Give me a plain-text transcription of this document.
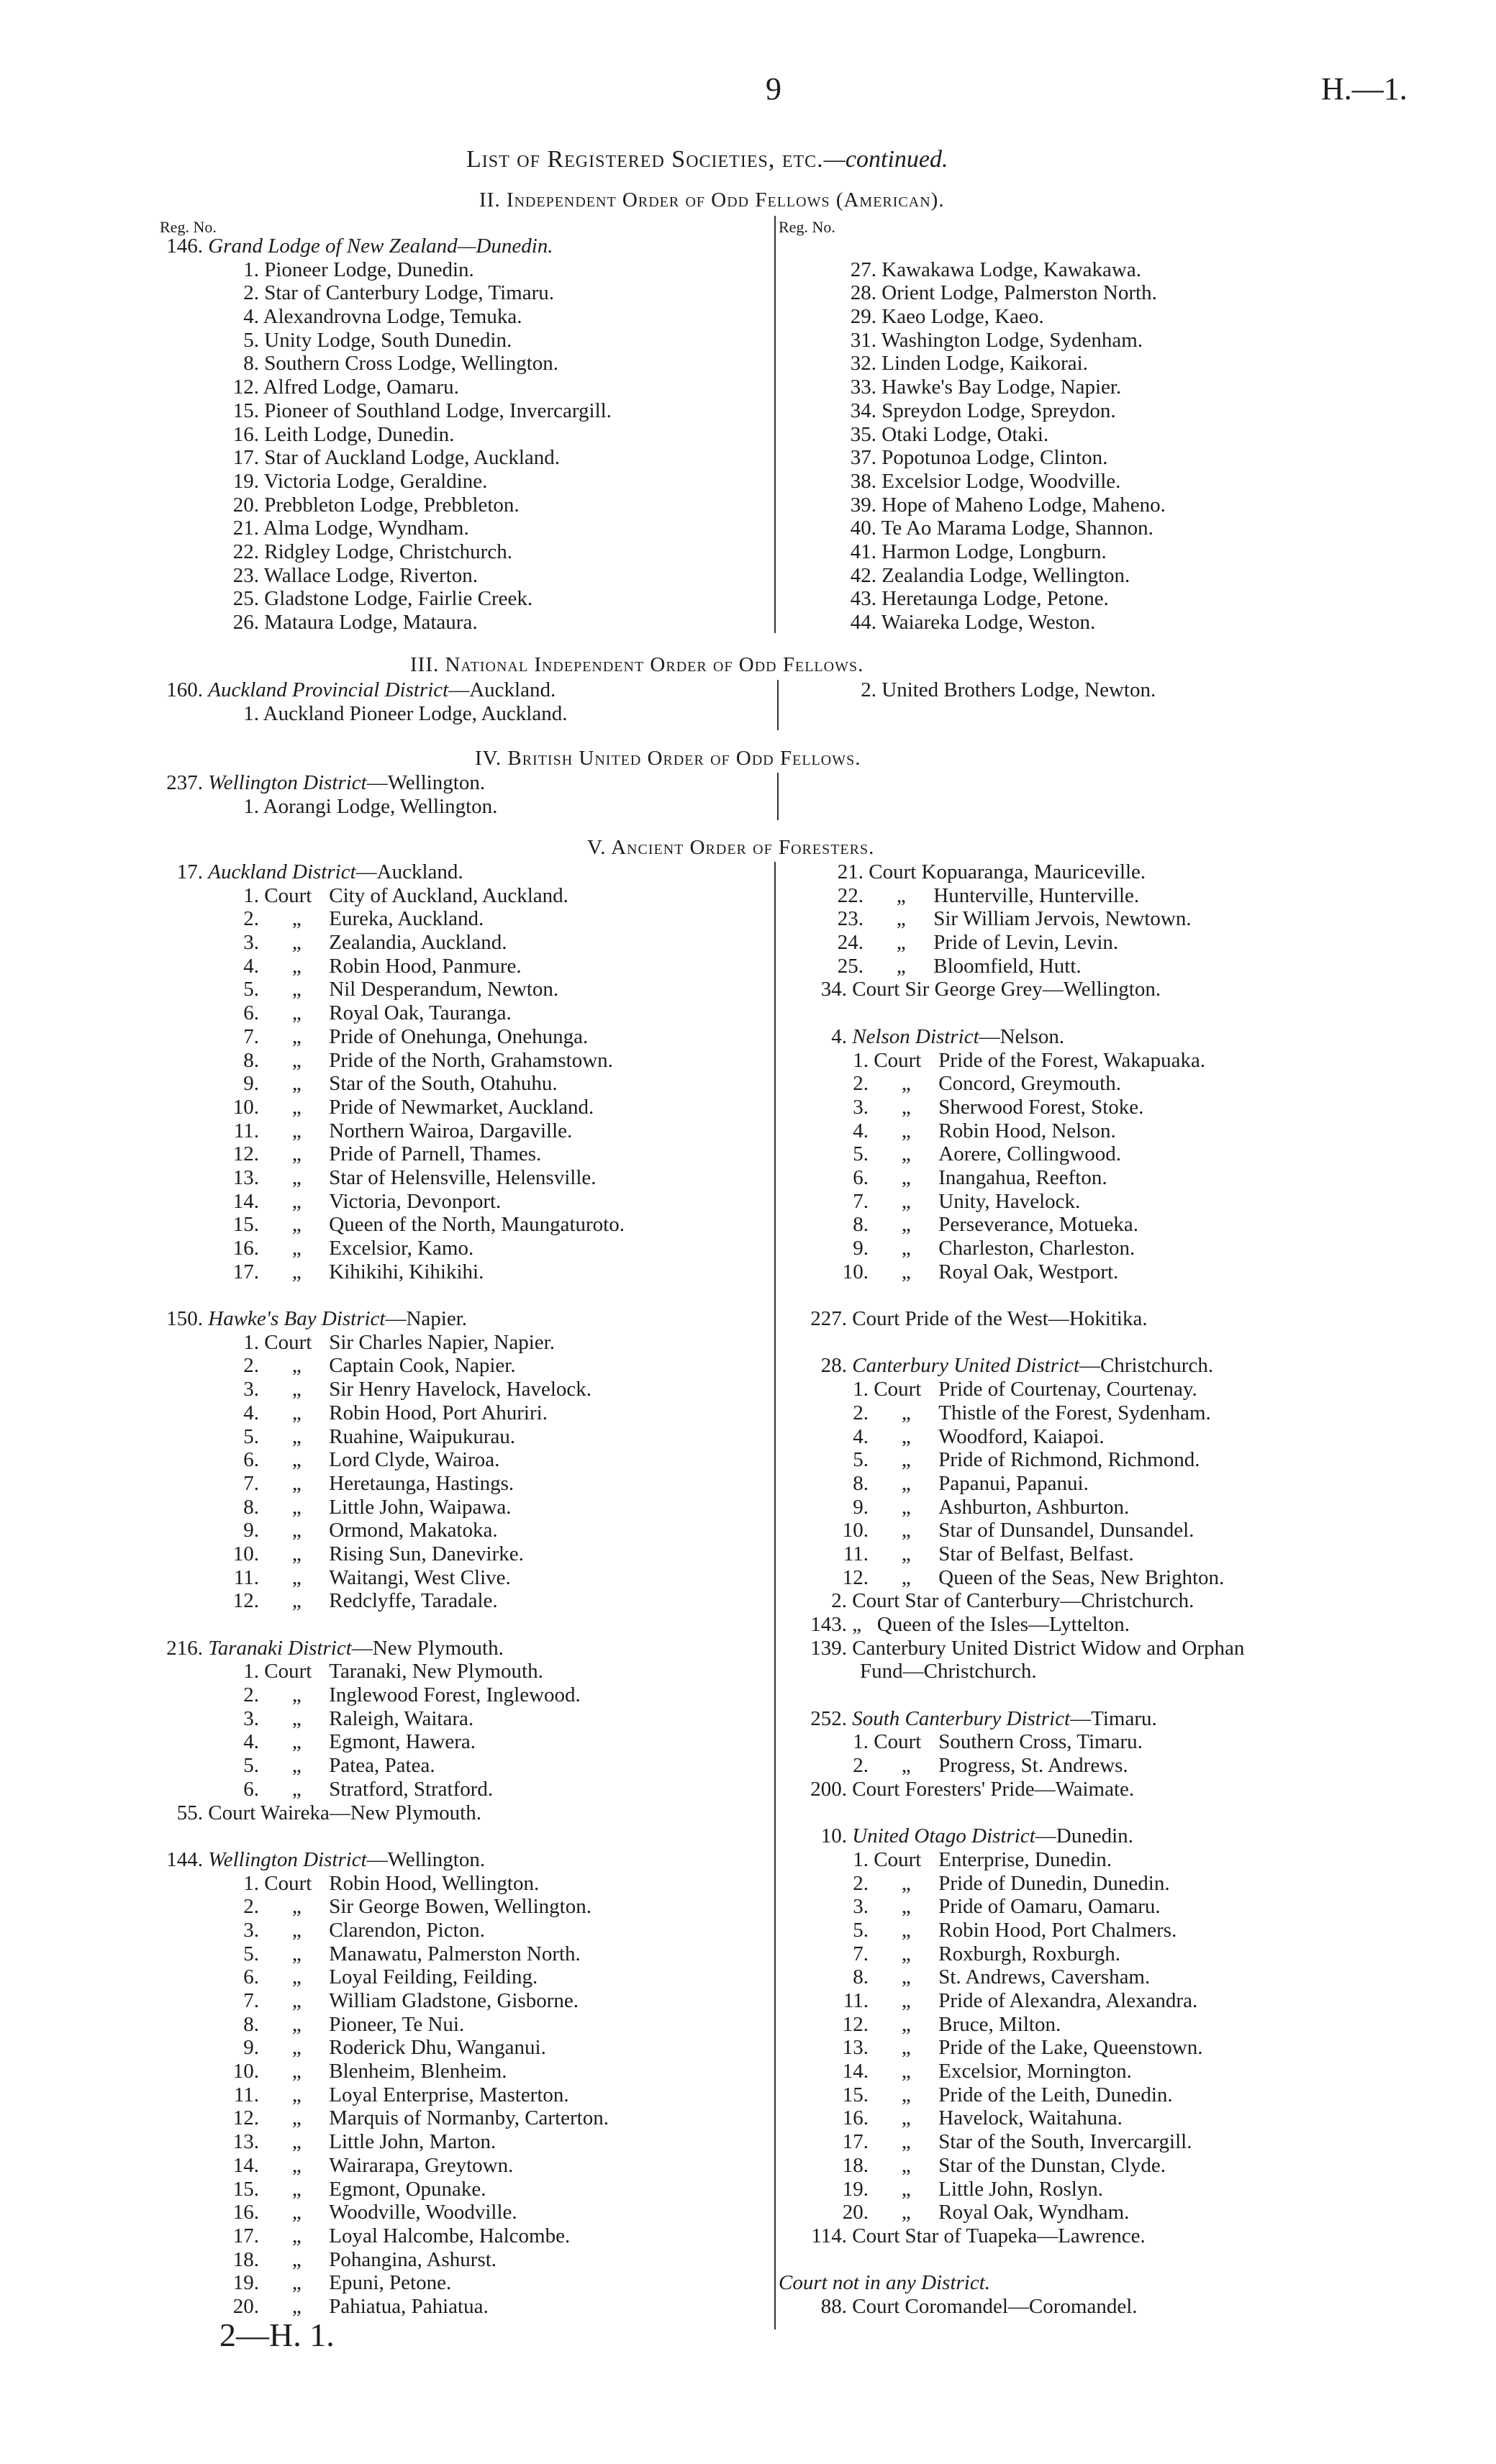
9	H.—1.
List of Registered Societies, etc.—continued.
II. Independent Order of Odd Fellows (American).
Reg. No.	Reg. No.
146. Grand Lodge of New Zealand—Dunedin.
1. Pioneer Lodge, Dunedin.
2. Star of Canterbury Lodge, Timaru.
4. Alexandrovna Lodge, Temuka.
5. Unity Lodge, South Dunedin.
8. Southern Cross Lodge, Wellington.
12. Alfred Lodge, Oamaru.
15. Pioneer of Southland Lodge, Invercargill.
16. Leith Lodge, Dunedin.
17. Star of Auckland Lodge, Auckland.
19. Victoria Lodge, Geraldine.
20. Prebbleton Lodge, Prebbleton.
21. Alma Lodge, Wyndham.
22. Ridgley Lodge, Christchurch.
23. Wallace Lodge, Riverton.
25. Gladstone Lodge, Fairlie Creek.
26. Mataura Lodge, Mataura.
27. Kawakawa Lodge, Kawakawa.
28. Orient Lodge, Palmerston North.
29. Kaeo Lodge, Kaeo.
31. Washington Lodge, Sydenham.
32. Linden Lodge, Kaikorai.
33. Hawke's Bay Lodge, Napier.
34. Spreydon Lodge, Spreydon.
35. Otaki Lodge, Otaki.
37. Popotunoa Lodge, Clinton.
38. Excelsior Lodge, Woodville.
39. Hope of Maheno Lodge, Maheno.
40. Te Ao Marama Lodge, Shannon.
41. Harmon Lodge, Longburn.
42. Zealandia Lodge, Wellington.
43. Heretaunga Lodge, Petone.
44. Waiareka Lodge, Weston.
III. National Independent Order of Odd Fellows.
160. Auckland Provincial District—Auckland.
1. Auckland Pioneer Lodge, Auckland.
2. United Brothers Lodge, Newton.
IV. British United Order of Odd Fellows.
237. Wellington District—Wellington.
1. Aorangi Lodge, Wellington.
V. Ancient Order of Foresters.
17. Auckland District—Auckland.
1. Court City of Auckland, Auckland.
2. „ Eureka, Auckland.
3. „ Zealandia, Auckland.
4. „ Robin Hood, Panmure.
5. „ Nil Desperandum, Newton.
6. „ Royal Oak, Tauranga.
7. „ Pride of Onehunga, Onehunga.
8. „ Pride of the North, Grahamstown.
9. „ Star of the South, Otahuhu.
10. „ Pride of Newmarket, Auckland.
11. „ Northern Wairoa, Dargaville.
12. „ Pride of Parnell, Thames.
13. „ Star of Helensville, Helensville.
14. „ Victoria, Devonport.
15. „ Queen of the North, Maungaturoto.
16. „ Excelsior, Kamo.
17. „ Kihikihi, Kihikihi.
150. Hawke's Bay District—Napier.
1. Court Sir Charles Napier, Napier.
2. „ Captain Cook, Napier.
3. „ Sir Henry Havelock, Havelock.
4. „ Robin Hood, Port Ahuriri.
5. „ Ruahine, Waipukurau.
6. „ Lord Clyde, Wairoa.
7. „ Heretaunga, Hastings.
8. „ Little John, Waipawa.
9. „ Ormond, Makatoka.
10. „ Rising Sun, Danevirke.
11. „ Waitangi, West Clive.
12. „ Redclyffe, Taradale.
216. Taranaki District—New Plymouth.
1. Court Taranaki, New Plymouth.
2. „ Inglewood Forest, Inglewood.
3. „ Raleigh, Waitara.
4. „ Egmont, Hawera.
5. „ Patea, Patea.
6. „ Stratford, Stratford.
55. Court Waireka—New Plymouth.
144. Wellington District—Wellington.
1. Court Robin Hood, Wellington.
2. „ Sir George Bowen, Wellington.
3. „ Clarendon, Picton.
5. „ Manawatu, Palmerston North.
6. „ Loyal Feilding, Feilding.
7. „ William Gladstone, Gisborne.
8. „ Pioneer, Te Nui.
9. „ Roderick Dhu, Wanganui.
10. „ Blenheim, Blenheim.
11. „ Loyal Enterprise, Masterton.
12. „ Marquis of Normanby, Carterton.
13. „ Little John, Marton.
14. „ Wairarapa, Greytown.
15. „ Egmont, Opunake.
16. „ Woodville, Woodville.
17. „ Loyal Halcombe, Halcombe.
18. „ Pohangina, Ashurst.
19. „ Epuni, Petone.
20. „ Pahiatua, Pahiatua.
21. Court Kopuaranga, Mauriceville.
22. „ Hunterville, Hunterville.
23. „ Sir William Jervois, Newtown.
24. „ Pride of Levin, Levin.
25. „ Bloomfield, Hutt.
34. Court Sir George Grey—Wellington.
4. Nelson District—Nelson.
1. Court Pride of the Forest, Wakapuaka.
2. „ Concord, Greymouth.
3. „ Sherwood Forest, Stoke.
4. „ Robin Hood, Nelson.
5. „ Aorere, Collingwood.
6. „ Inangahua, Reefton.
7. „ Unity, Havelock.
8. „ Perseverance, Motueka.
9. „ Charleston, Charleston.
10. „ Royal Oak, Westport.
227. Court Pride of the West—Hokitika.
28. Canterbury United District—Christchurch.
1. Court Pride of Courtenay, Courtenay.
2. „ Thistle of the Forest, Sydenham.
4. „ Woodford, Kaiapoi.
5. „ Pride of Richmond, Richmond.
8. „ Papanui, Papanui.
9. „ Ashburton, Ashburton.
10. „ Star of Dunsandel, Dunsandel.
11. „ Star of Belfast, Belfast.
12. „ Queen of the Seas, New Brighton.
2. Court Star of Canterbury—Christchurch.
143. „   Queen of the Isles—Lyttelton.
139. Canterbury United District Widow and Orphan
Fund—Christchurch.
252. South Canterbury District—Timaru.
1. Court Southern Cross, Timaru.
2. „ Progress, St. Andrews.
200. Court Foresters' Pride—Waimate.
10. United Otago District—Dunedin.
1. Court Enterprise, Dunedin.
2. „ Pride of Dunedin, Dunedin.
3. „ Pride of Oamaru, Oamaru.
5. „ Robin Hood, Port Chalmers.
7. „ Roxburgh, Roxburgh.
8. „ St. Andrews, Caversham.
11. „ Pride of Alexandra, Alexandra.
12. „ Bruce, Milton.
13. „ Pride of the Lake, Queenstown.
14. „ Excelsior, Mornington.
15. „ Pride of the Leith, Dunedin.
16. „ Havelock, Waitahuna.
17. „ Star of the South, Invercargill.
18. „ Star of the Dunstan, Clyde.
19. „ Little John, Roslyn.
20. „ Royal Oak, Wyndham.
114. Court Star of Tuapeka—Lawrence.
Court not in any District.
88. Court Coromandel—Coromandel.
2—H. 1.
